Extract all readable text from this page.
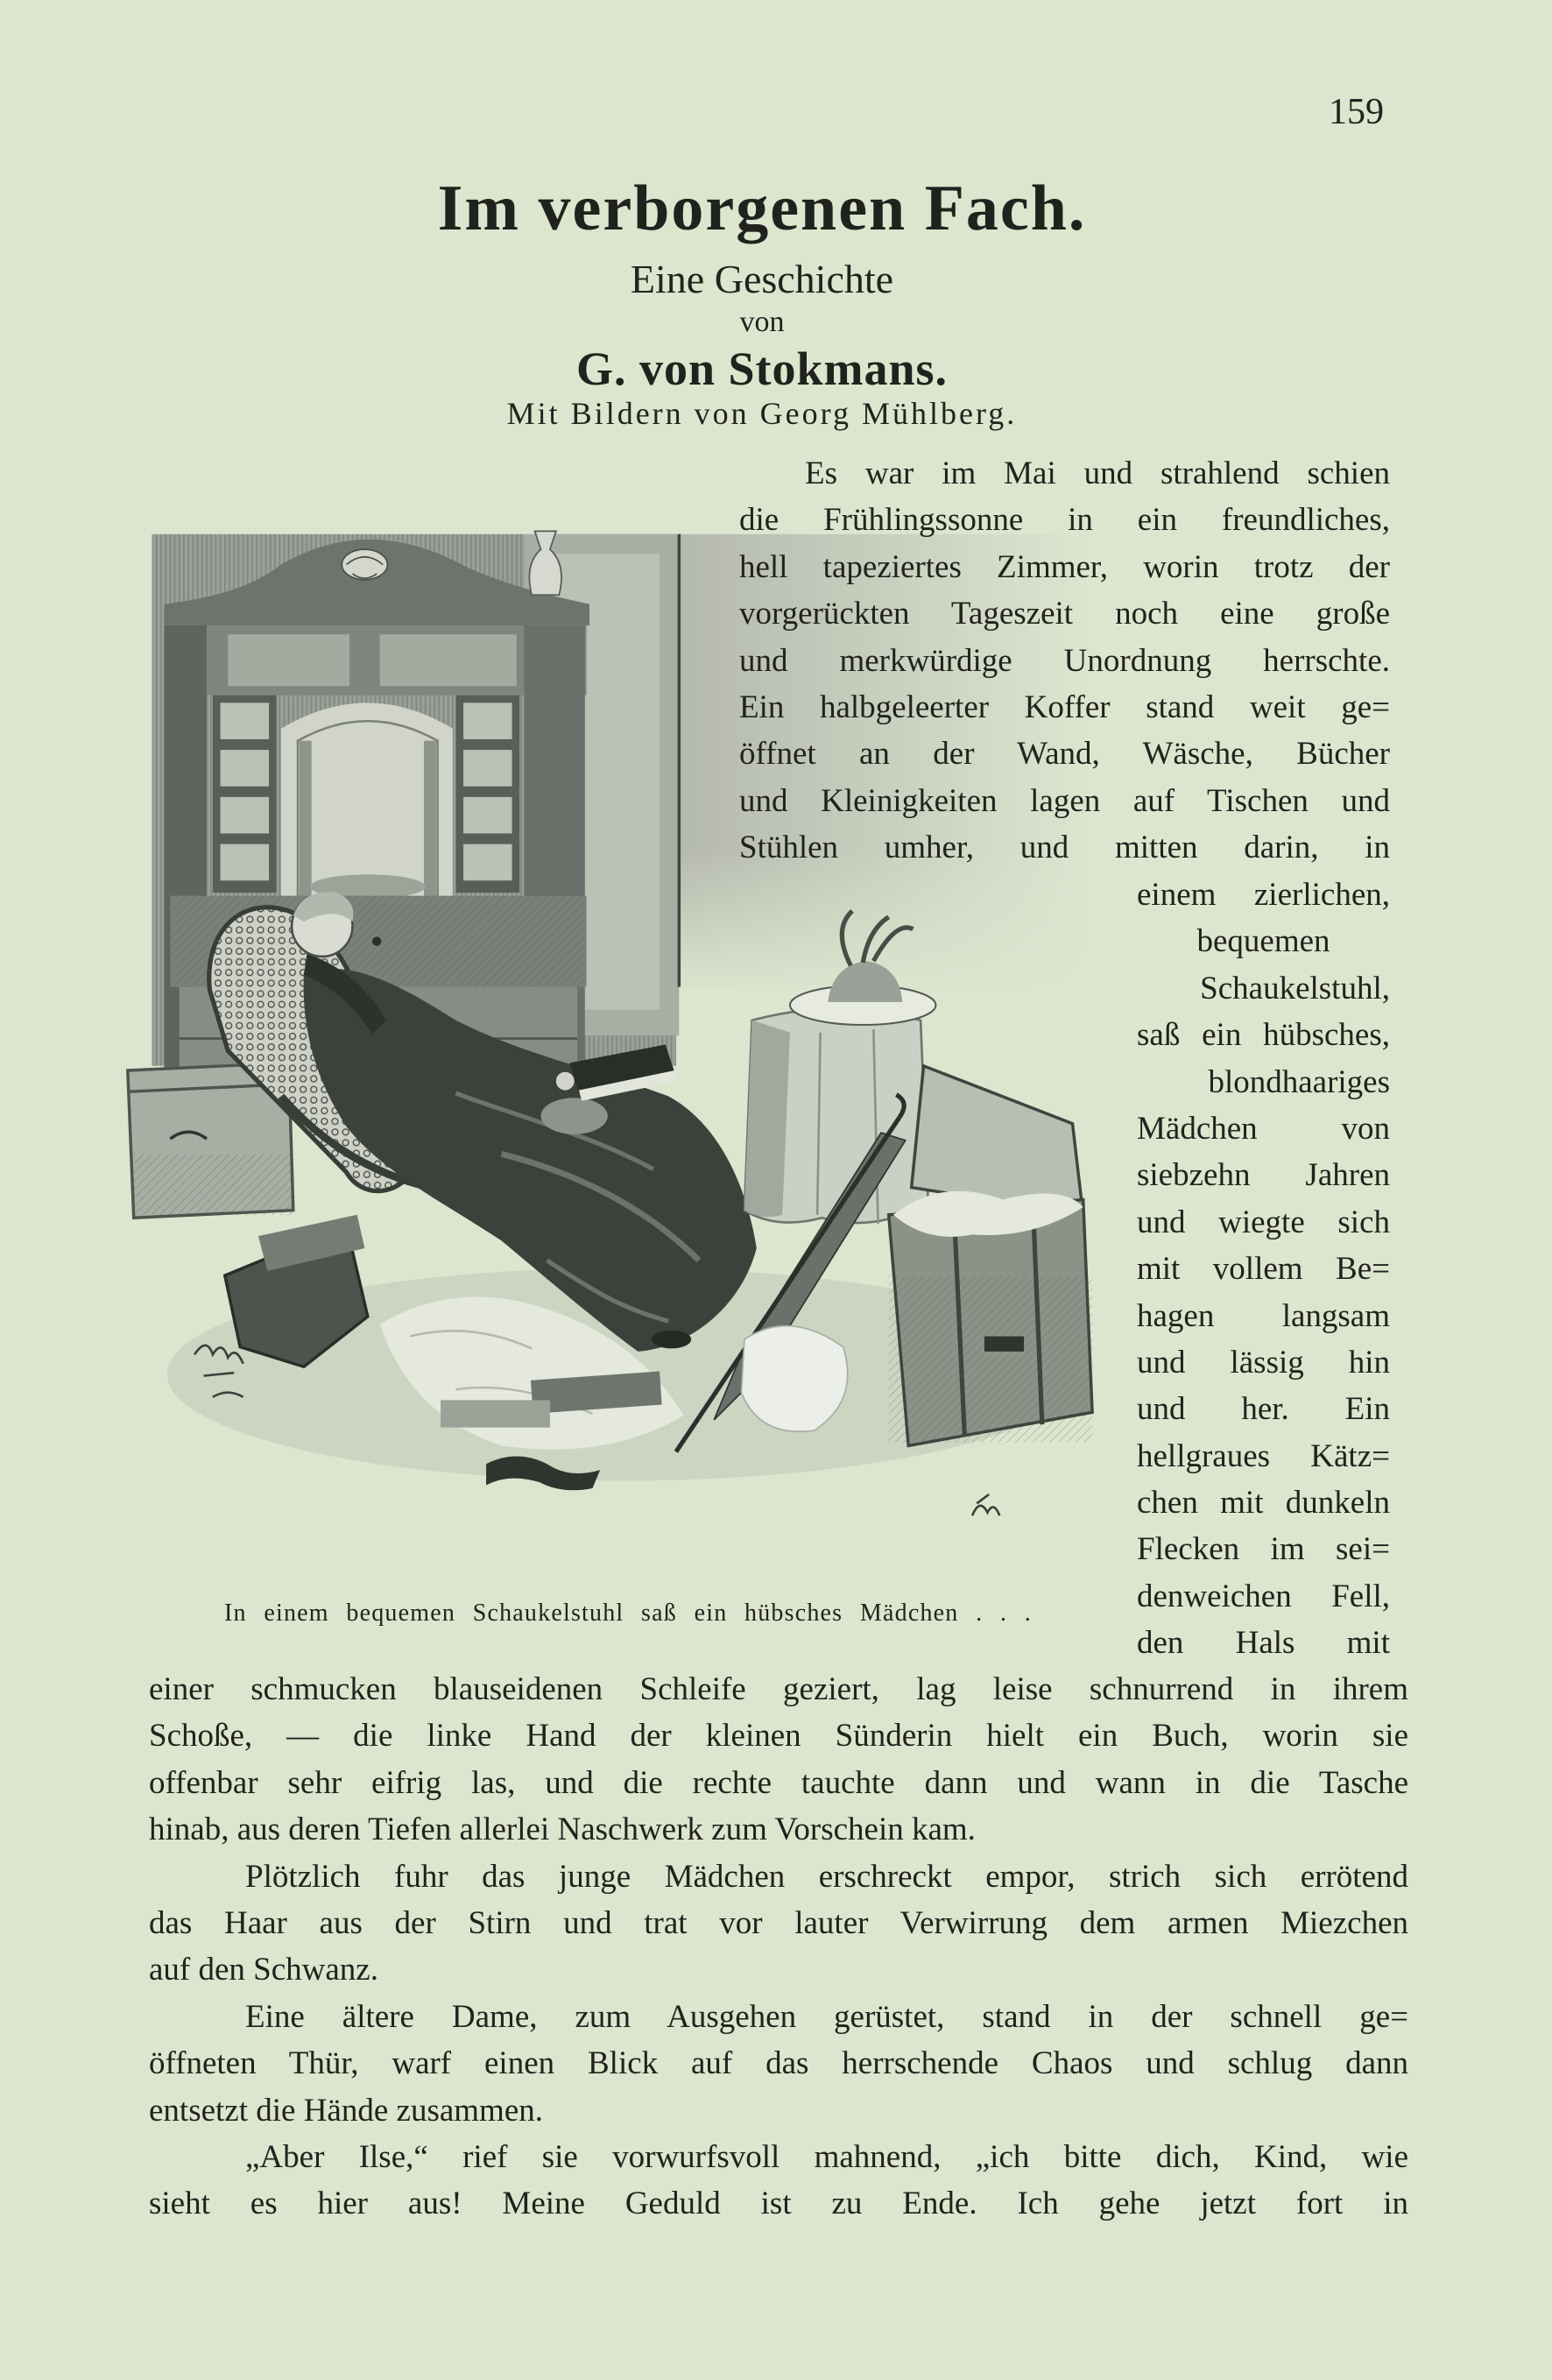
159
Im verborgenen Fach.
Eine Geschichte
von
G. von Stokmans.
Mit Bildern von Georg Mühlberg.
In einem bequemen Schaukelstuhl saß ein hübsches Mädchen . . .
Es war im Mai und strahlend schien
die Frühlingssonne in ein freundliches,
hell tapeziertes Zimmer, worin trotz der
vorgerückten Tageszeit noch eine große
und merkwürdige Unordnung herrschte.
Ein halbgeleerter Koffer stand weit ge=
öffnet an der Wand, Wäsche, Bücher
und Kleinigkeiten lagen auf Tischen und
Stühlen umher, und mitten darin, in
einem zierlichen,
bequemen
Schaukelstuhl,
saß ein hübsches,
blondhaariges
Mädchen von
siebzehn Jahren
und wiegte sich
mit vollem Be=
hagen langsam
und lässig hin
und her. Ein
hellgraues Kätz=
chen mit dunkeln
Flecken im sei=
denweichen Fell,
den Hals mit
einer schmucken blauseidenen Schleife geziert, lag leise schnurrend in ihrem
Schoße, — die linke Hand der kleinen Sünderin hielt ein Buch, worin sie
offenbar sehr eifrig las, und die rechte tauchte dann und wann in die Tasche
hinab, aus deren Tiefen allerlei Naschwerk zum Vorschein kam.
Plötzlich fuhr das junge Mädchen erschreckt empor, strich sich errötend
das Haar aus der Stirn und trat vor lauter Verwirrung dem armen Miezchen
auf den Schwanz.
Eine ältere Dame, zum Ausgehen gerüstet, stand in der schnell ge=
öffneten Thür, warf einen Blick auf das herrschende Chaos und schlug dann
entsetzt die Hände zusammen.
„Aber Ilse,“ rief sie vorwurfsvoll mahnend, „ich bitte dich, Kind, wie
sieht es hier aus! Meine Geduld ist zu Ende. Ich gehe jetzt fort in
